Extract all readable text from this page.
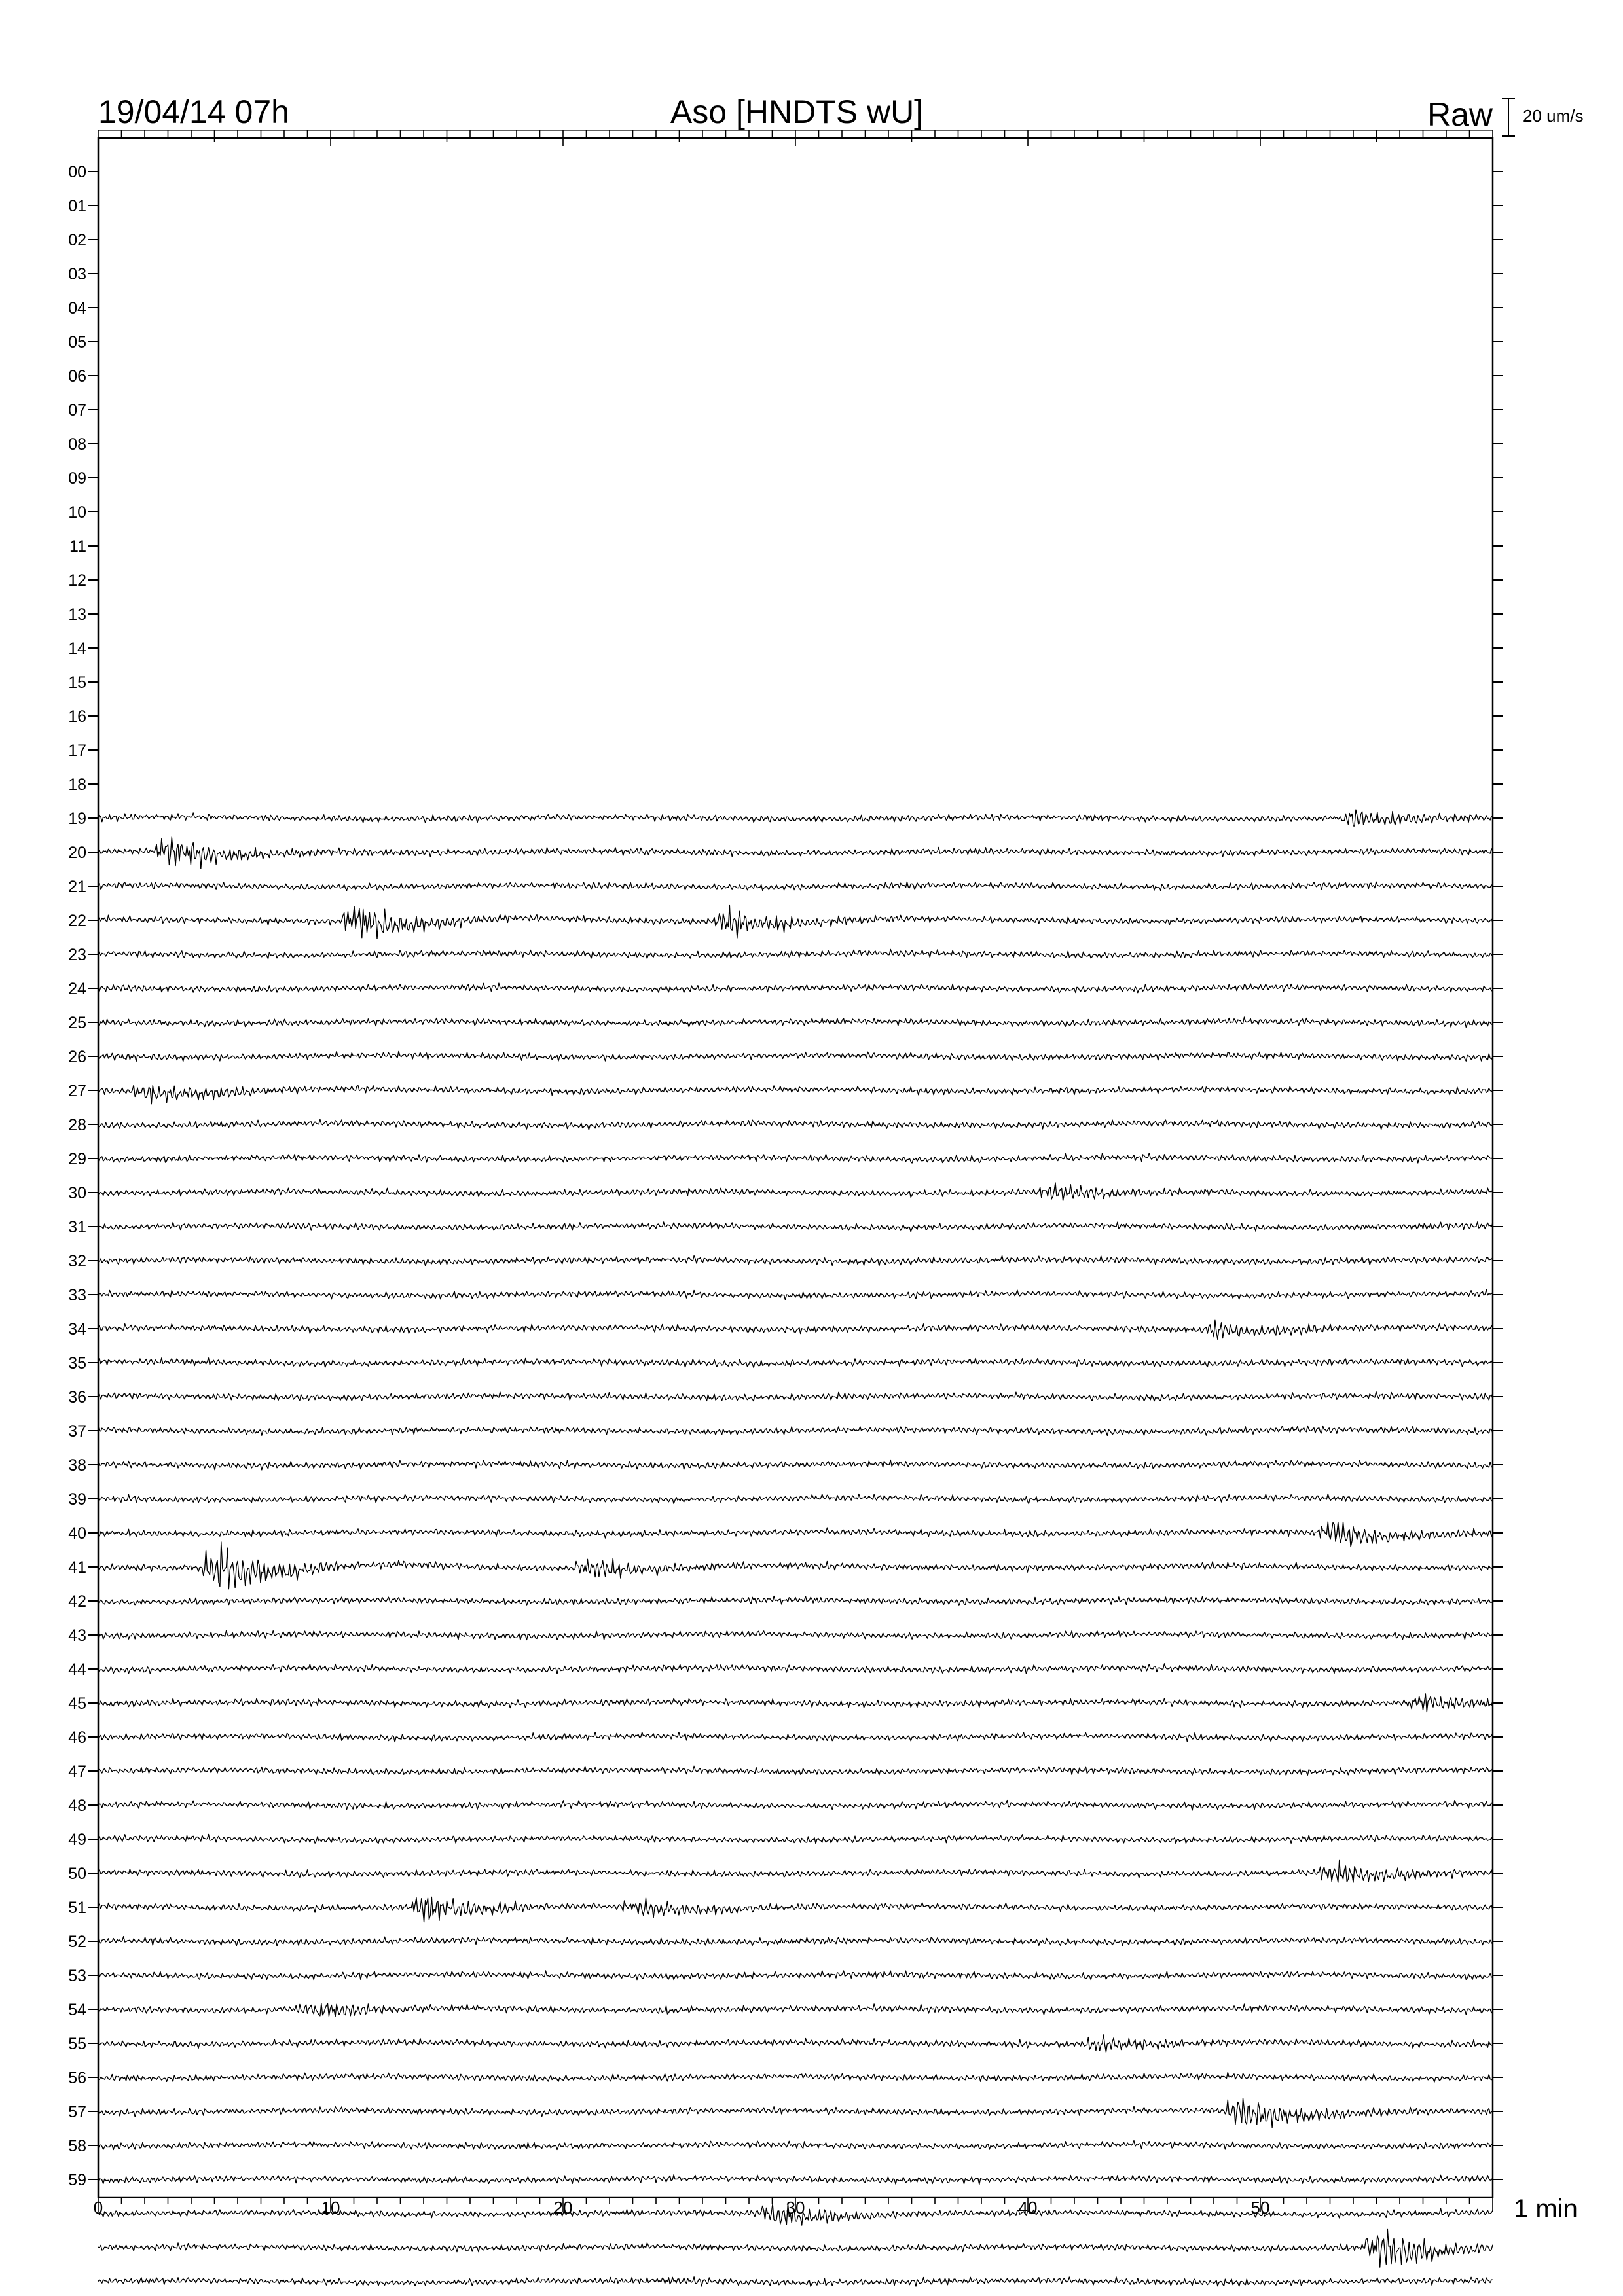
19/04/14 07h	Aso [HNDTS wU]	Raw 20 um/s
00
01
02
03
04
05
06
07
08
09
10
11
12
13
14
15
16
17
18
19
20
21
22
23
24
25
26
27
28
29
30
31
32
33
34
35
36
37
38
39
40
41
42
43
44
45
46
47
48
49
50
51
52
53
54
55
56
57
58
59
0	10	20	30	40	50	1 min
